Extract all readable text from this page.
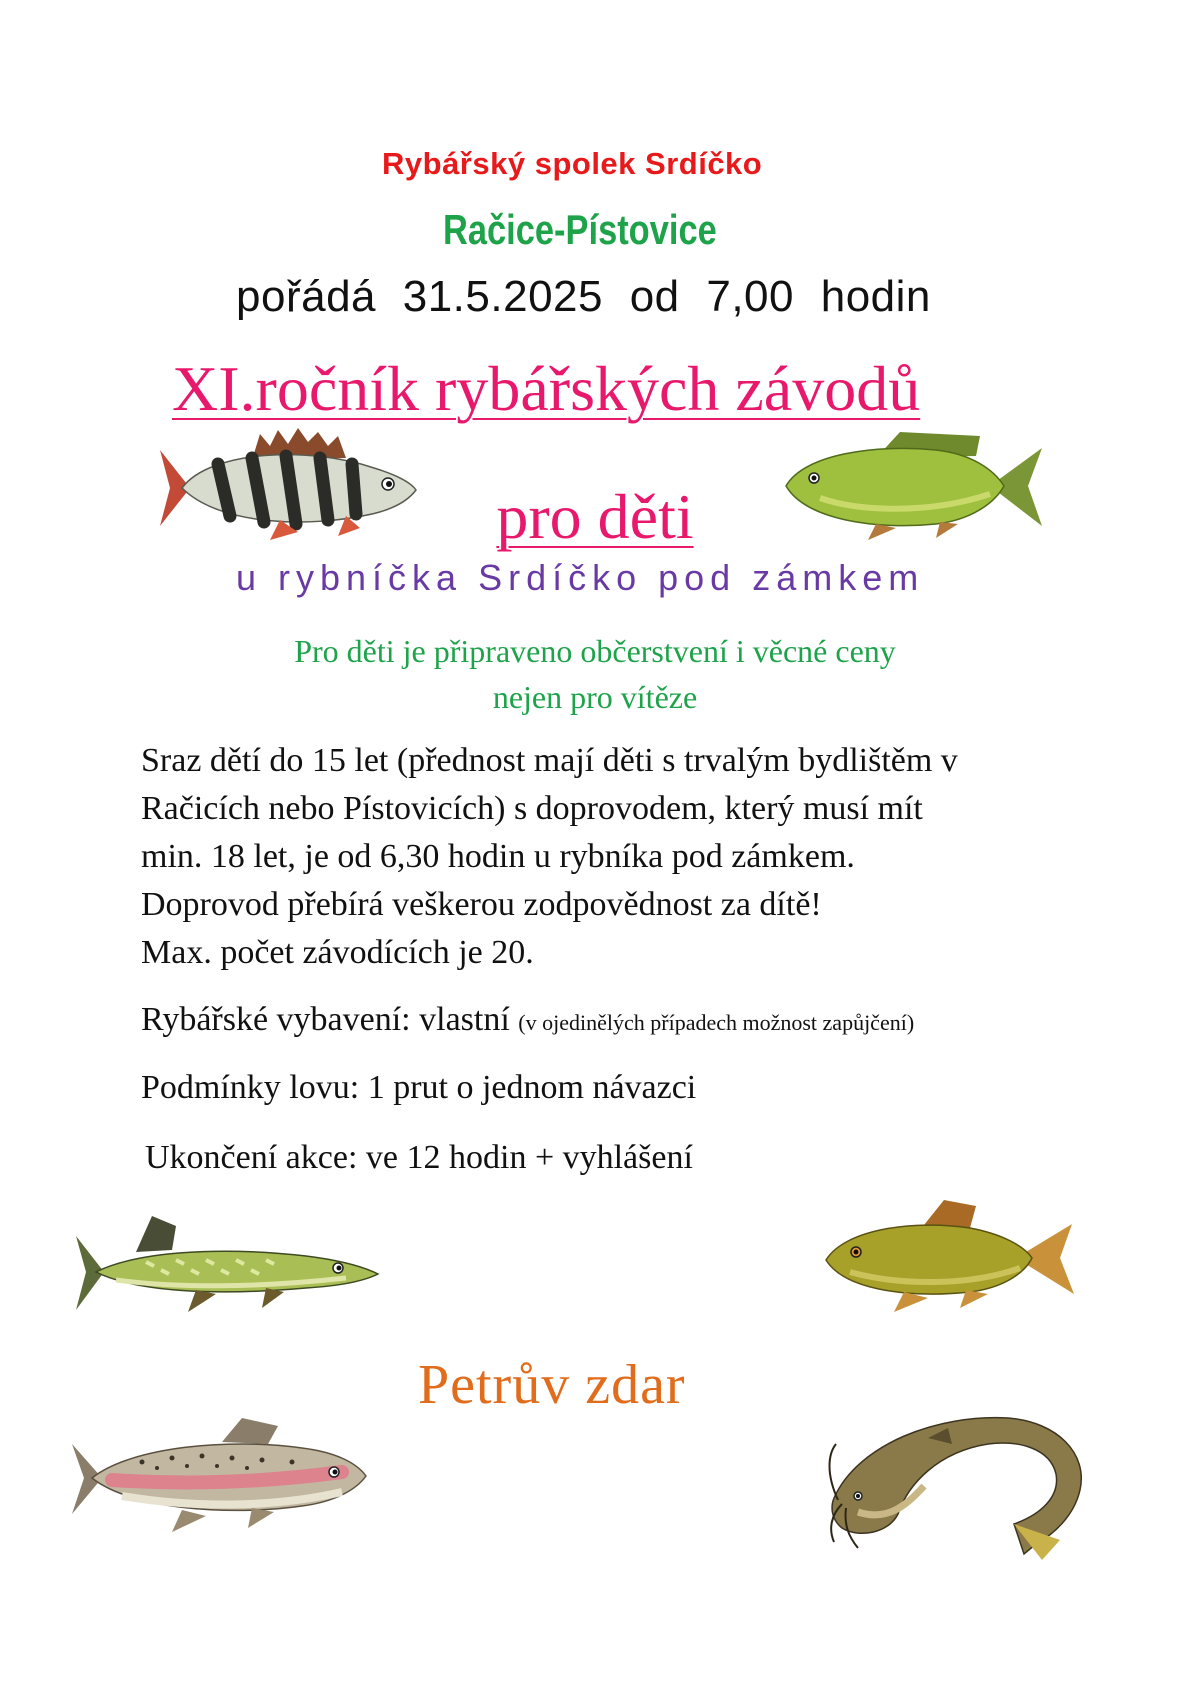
Rybářský spolek Srdíčko
Račice-Pístovice
pořádá 31.5.2025 od 7,00 hodin
XI.ročník rybářských závodů
pro děti
u rybníčka Srdíčko pod zámkem
Pro děti je připraveno občerstvení i věcné ceny
nejen pro vítěze
Sraz dětí do 15 let (přednost mají děti s trvalým bydlištěm v
Račicích nebo Pístovicích) s doprovodem, který musí mít
min. 18 let, je od 6,30 hodin u rybníka pod zámkem.
Doprovod přebírá veškerou zodpovědnost za dítě!
Max. počet závodících je 20.
Rybářské vybavení: vlastní (v ojedinělých případech možnost zapůjčení)
Podmínky lovu: 1 prut o jednom návazci
Ukončení akce: ve 12 hodin + vyhlášení
Petrův zdar
